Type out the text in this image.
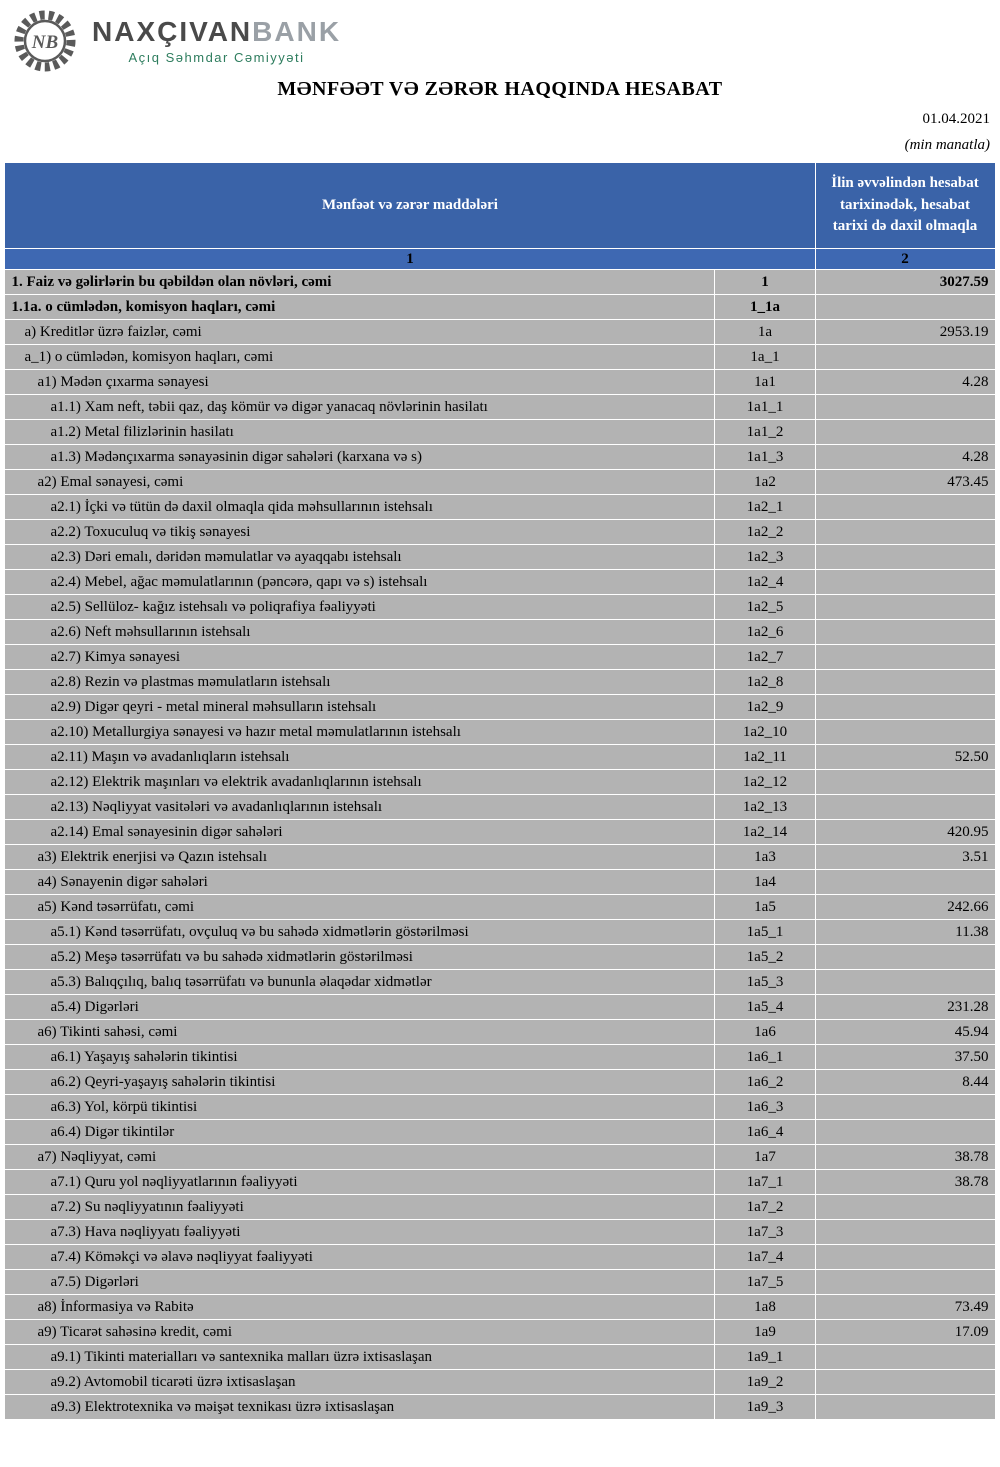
NB NAXÇIVANBANK
Açıq Səhmdar Cəmiyyəti
MƏNFƏƏT VƏ ZƏRƏR HAQQINDA HESABAT
01.04.2021
(min manatla)
Mənfəət və zərər maddələri		İlin əvvəlindən hesabat tarixinədək, hesabat tarixi də daxil olmaqla
1		2
1. Faiz və gəlirlərin bu qəbildən olan növləri, cəmi	1	3027.59
1.1a. o cümlədən, komisyon haqları, cəmi	1_1a	
a) Kreditlər üzrə faizlər, cəmi	1a	2953.19
a_1) o cümlədən, komisyon haqları, cəmi	1a_1	
a1) Mədən çıxarma sənayesi	1a1	4.28
a1.1) Xam neft, təbii qaz, daş kömür və digər yanacaq növlərinin hasilatı	1a1_1	
a1.2) Metal filizlərinin hasilatı	1a1_2	
a1.3) Mədənçıxarma sənayəsinin digər sahələri (karxana və s)	1a1_3	4.28
a2) Emal sənayesi, cəmi	1a2	473.45
a2.1) İçki və tütün də daxil olmaqla qida məhsullarının istehsalı	1a2_1	
a2.2) Toxuculuq və tikiş sənayesi	1a2_2	
a2.3) Dəri emalı, dəridən məmulatlar və ayaqqabı istehsalı	1a2_3	
a2.4) Mebel, ağac məmulatlarının (pəncərə, qapı və s) istehsalı	1a2_4	
a2.5) Sellüloz- kağız istehsalı və poliqrafiya fəaliyyəti	1a2_5	
a2.6) Neft məhsullarının istehsalı	1a2_6	
a2.7) Kimya sənayesi	1a2_7	
a2.8) Rezin və plastmas məmulatların istehsalı	1a2_8	
a2.9) Digər qeyri - metal mineral məhsulların istehsalı	1a2_9	
a2.10) Metallurgiya sənayesi və hazır metal məmulatlarının istehsalı	1a2_10	
a2.11) Maşın və avadanlıqların istehsalı	1a2_11	52.50
a2.12) Elektrik maşınları və elektrik avadanlıqlarının istehsalı	1a2_12	
a2.13) Nəqliyyat vasitələri və avadanlıqlarının istehsalı	1a2_13	
a2.14) Emal sənayesinin digər sahələri	1a2_14	420.95
a3) Elektrik enerjisi və Qazın istehsalı	1a3	3.51
a4) Sənayenin digər sahələri	1a4	
a5) Kənd təsərrüfatı, cəmi	1a5	242.66
a5.1) Kənd təsərrüfatı, ovçuluq və bu sahədə xidmətlərin göstərilməsi	1a5_1	11.38
a5.2) Meşə təsərrüfatı və bu sahədə xidmətlərin göstərilməsi	1a5_2	
a5.3) Balıqçılıq, balıq təsərrüfatı və bununla əlaqədar xidmətlər	1a5_3	
a5.4) Digərləri	1a5_4	231.28
a6) Tikinti sahəsi, cəmi	1a6	45.94
a6.1) Yaşayış sahələrin tikintisi	1a6_1	37.50
a6.2) Qeyri-yaşayış sahələrin tikintisi	1a6_2	8.44
a6.3) Yol, körpü tikintisi	1a6_3	
a6.4) Digər tikintilər	1a6_4	
a7) Nəqliyyat, cəmi	1a7	38.78
a7.1) Quru yol nəqliyyatlarının fəaliyyəti	1a7_1	38.78
a7.2) Su nəqliyyatının fəaliyyəti	1a7_2	
a7.3) Hava nəqliyyatı fəaliyyəti	1a7_3	
a7.4) Köməkçi və əlavə nəqliyyat fəaliyyəti	1a7_4	
a7.5) Digərləri	1a7_5	
a8) İnformasiya və Rabitə	1a8	73.49
a9) Ticarət sahəsinə kredit, cəmi	1a9	17.09
a9.1) Tikinti materialları və santexnika malları üzrə ixtisaslaşan	1a9_1	
a9.2) Avtomobil ticarəti üzrə ixtisaslaşan	1a9_2	
a9.3) Elektrotexnika və məişət texnikası üzrə ixtisaslaşan	1a9_3	
